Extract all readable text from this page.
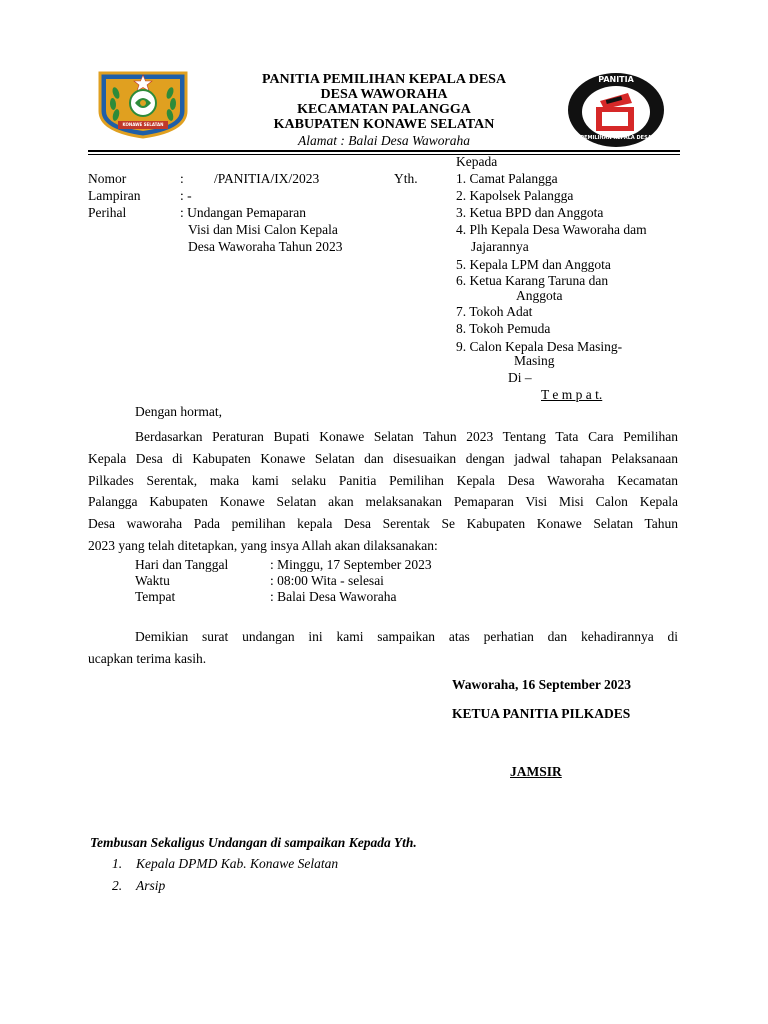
KONAWE SELATAN
PANITIA
PEMILIHAN KEPALA DESA
PANITIA PEMILIHAN KEPALA DESA
DESA WAWORAHA
KECAMATAN PALANGGA
KABUPATEN KONAWE SELATAN
Alamat : Balai Desa Waworaha
Nomor	: /PANITIA/IX/2023	Yth.
Lampiran	: -
Perihal	: Undangan Pemaparan
Visi dan Misi Calon Kepala
Desa Waworaha Tahun 2023
Kepada
1. Camat Palangga
2. Kapolsek Palangga
3. Ketua BPD dan Anggota
4. Plh Kepala Desa Waworaha dam
Jajarannya
5. Kepala LPM dan Anggota
6. Ketua Karang Taruna dan
Anggota
7. Tokoh Adat
8. Tokoh Pemuda
9. Calon Kepala Desa Masing-
Masing
Di –
T e m p a t.
Dengan hormat,
Berdasarkan Peraturan Bupati Konawe Selatan Tahun 2023 Tentang Tata Cara Pemilihan
Kepala Desa di Kabupaten Konawe Selatan dan disesuaikan dengan jadwal tahapan Pelaksanaan
Pilkades Serentak, maka kami selaku Panitia Pemilihan Kepala Desa Waworaha Kecamatan
Palangga Kabupaten Konawe Selatan akan melaksanakan Pemaparan Visi Misi Calon Kepala
Desa waworaha Pada pemilihan kepala Desa Serentak Se Kabupaten Konawe Selatan Tahun
2023 yang telah ditetapkan, yang insya Allah akan dilaksanakan:
Hari dan Tanggal	: Minggu, 17 September 2023
Waktu	: 08:00 Wita - selesai
Tempat	: Balai Desa Waworaha
Demikian surat undangan ini kami sampaikan atas perhatian dan kehadirannya di
ucapkan terima kasih.
Waworaha, 16 September 2023
KETUA PANITIA PILKADES
JAMSIR
Tembusan Sekaligus Undangan di sampaikan Kepada Yth.
1. Kepala DPMD Kab. Konawe Selatan
2. Arsip
